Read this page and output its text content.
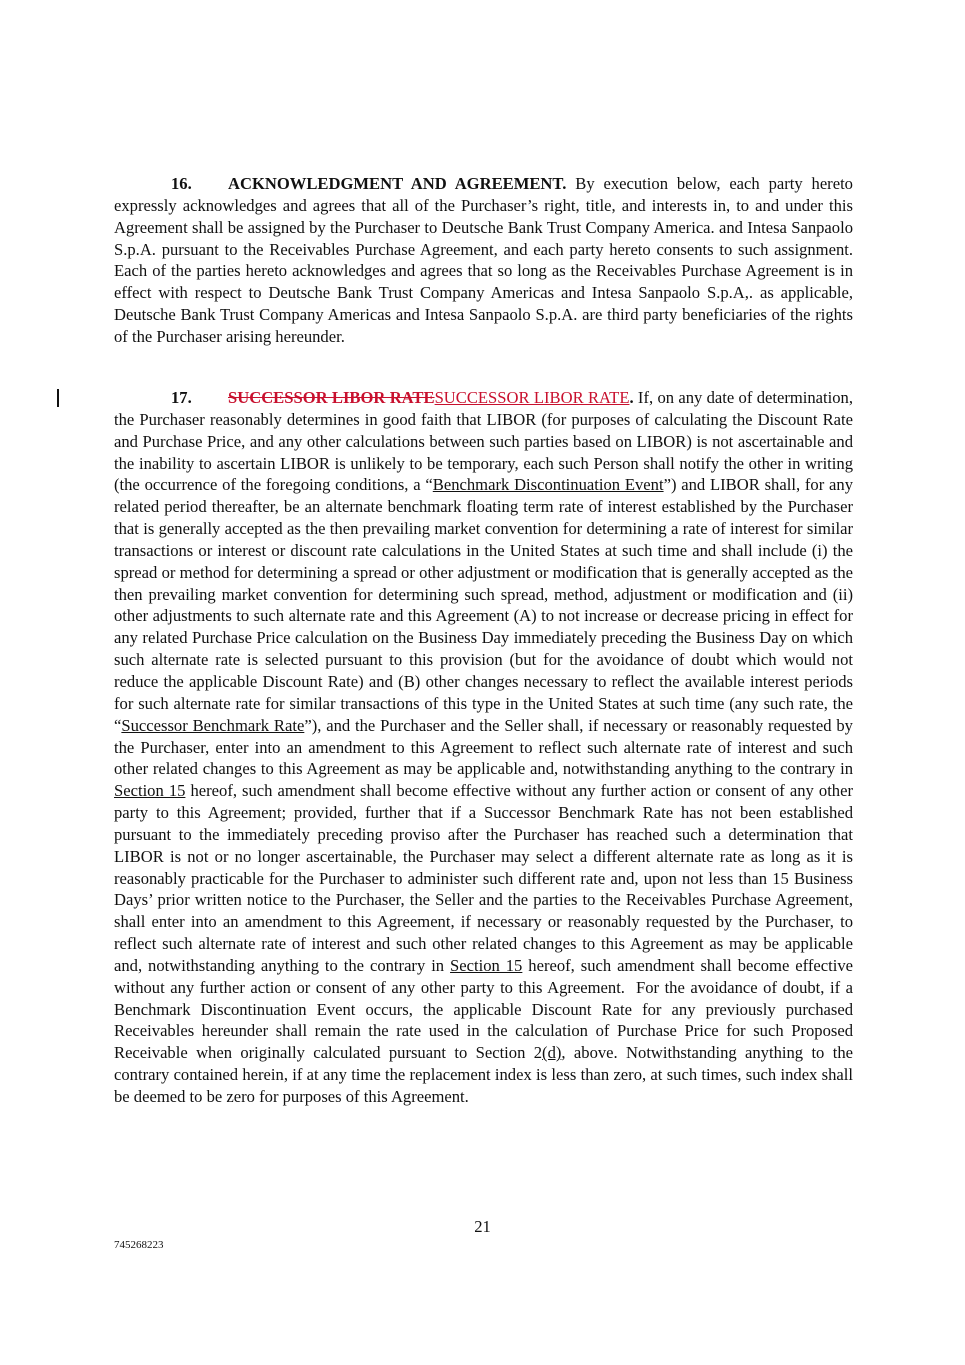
16. ACKNOWLEDGMENT AND AGREEMENT. By execution below, each party hereto expressly acknowledges and agrees that all of the Purchaser’s right, title, and interests in, to and under this Agreement shall be assigned by the Purchaser to Deutsche Bank Trust Company America. and Intesa Sanpaolo S.p.A. pursuant to the Receivables Purchase Agreement, and each party hereto consents to such assignment. Each of the parties hereto acknowledges and agrees that so long as the Receivables Purchase Agreement is in effect with respect to Deutsche Bank Trust Company Americas and Intesa Sanpaolo S.p.A,. as applicable, Deutsche Bank Trust Company Americas and Intesa Sanpaolo S.p.A. are third party beneficiaries of the rights of the Purchaser arising hereunder.

17. SUCCESSOR LIBOR RATESUCCESSOR LIBOR RATE. If, on any date of determination, the Purchaser reasonably determines in good faith that LIBOR (for purposes of calculating the Discount Rate and Purchase Price, and any other calculations between such parties based on LIBOR) is not ascertainable and the inability to ascertain LIBOR is unlikely to be temporary, each such Person shall notify the other in writing (the occurrence of the foregoing conditions, a “Benchmark Discontinuation Event”) and LIBOR shall, for any related period thereafter, be an alternate benchmark floating term rate of interest established by the Purchaser that is generally accepted as the then prevailing market convention for determining a rate of interest for similar transactions or interest or discount rate calculations in the United States at such time and shall include (i) the spread or method for determining a spread or other adjustment or modification that is generally accepted as the then prevailing market convention for determining such spread, method, adjustment or modification and (ii) other adjustments to such alternate rate and this Agreement (A) to not increase or decrease pricing in effect for any related Purchase Price calculation on the Business Day immediately preceding the Business Day on which such alternate rate is selected pursuant to this provision (but for the avoidance of doubt which would not reduce the applicable Discount Rate) and (B) other changes necessary to reflect the available interest periods for such alternate rate for similar transactions of this type in the United States at such time (any such rate, the “Successor Benchmark Rate”), and the Purchaser and the Seller shall, if necessary or reasonably requested by the Purchaser, enter into an amendment to this Agreement to reflect such alternate rate of interest and such other related changes to this Agreement as may be applicable and, notwithstanding anything to the contrary in Section 15 hereof, such amendment shall become effective without any further action or consent of any other party to this Agreement; provided, further that if a Successor Benchmark Rate has not been established pursuant to the immediately preceding proviso after the Purchaser has reached such a determination that LIBOR is not or no longer ascertainable, the Purchaser may select a different alternate rate as long as it is reasonably practicable for the Purchaser to administer such different rate and, upon not less than 15 Business Days’ prior written notice to the Purchaser, the Seller and the parties to the Receivables Purchase Agreement, shall enter into an amendment to this Agreement, if necessary or reasonably requested by the Purchaser, to reflect such alternate rate of interest and such other related changes to this Agreement as may be applicable and, notwithstanding anything to the contrary in Section 15 hereof, such amendment shall become effective without any further action or consent of any other party to this Agreement.  For the avoidance of doubt, if a Benchmark Discontinuation Event occurs, the applicable Discount Rate for any previously purchased Receivables hereunder shall remain the rate used in the calculation of Purchase Price for such Proposed Receivable when originally calculated pursuant to Section 2(d), above. Notwithstanding anything to the contrary contained herein, if at any time the replacement index is less than zero, at such times, such index shall be deemed to be zero for purposes of this Agreement.

21
745268223
